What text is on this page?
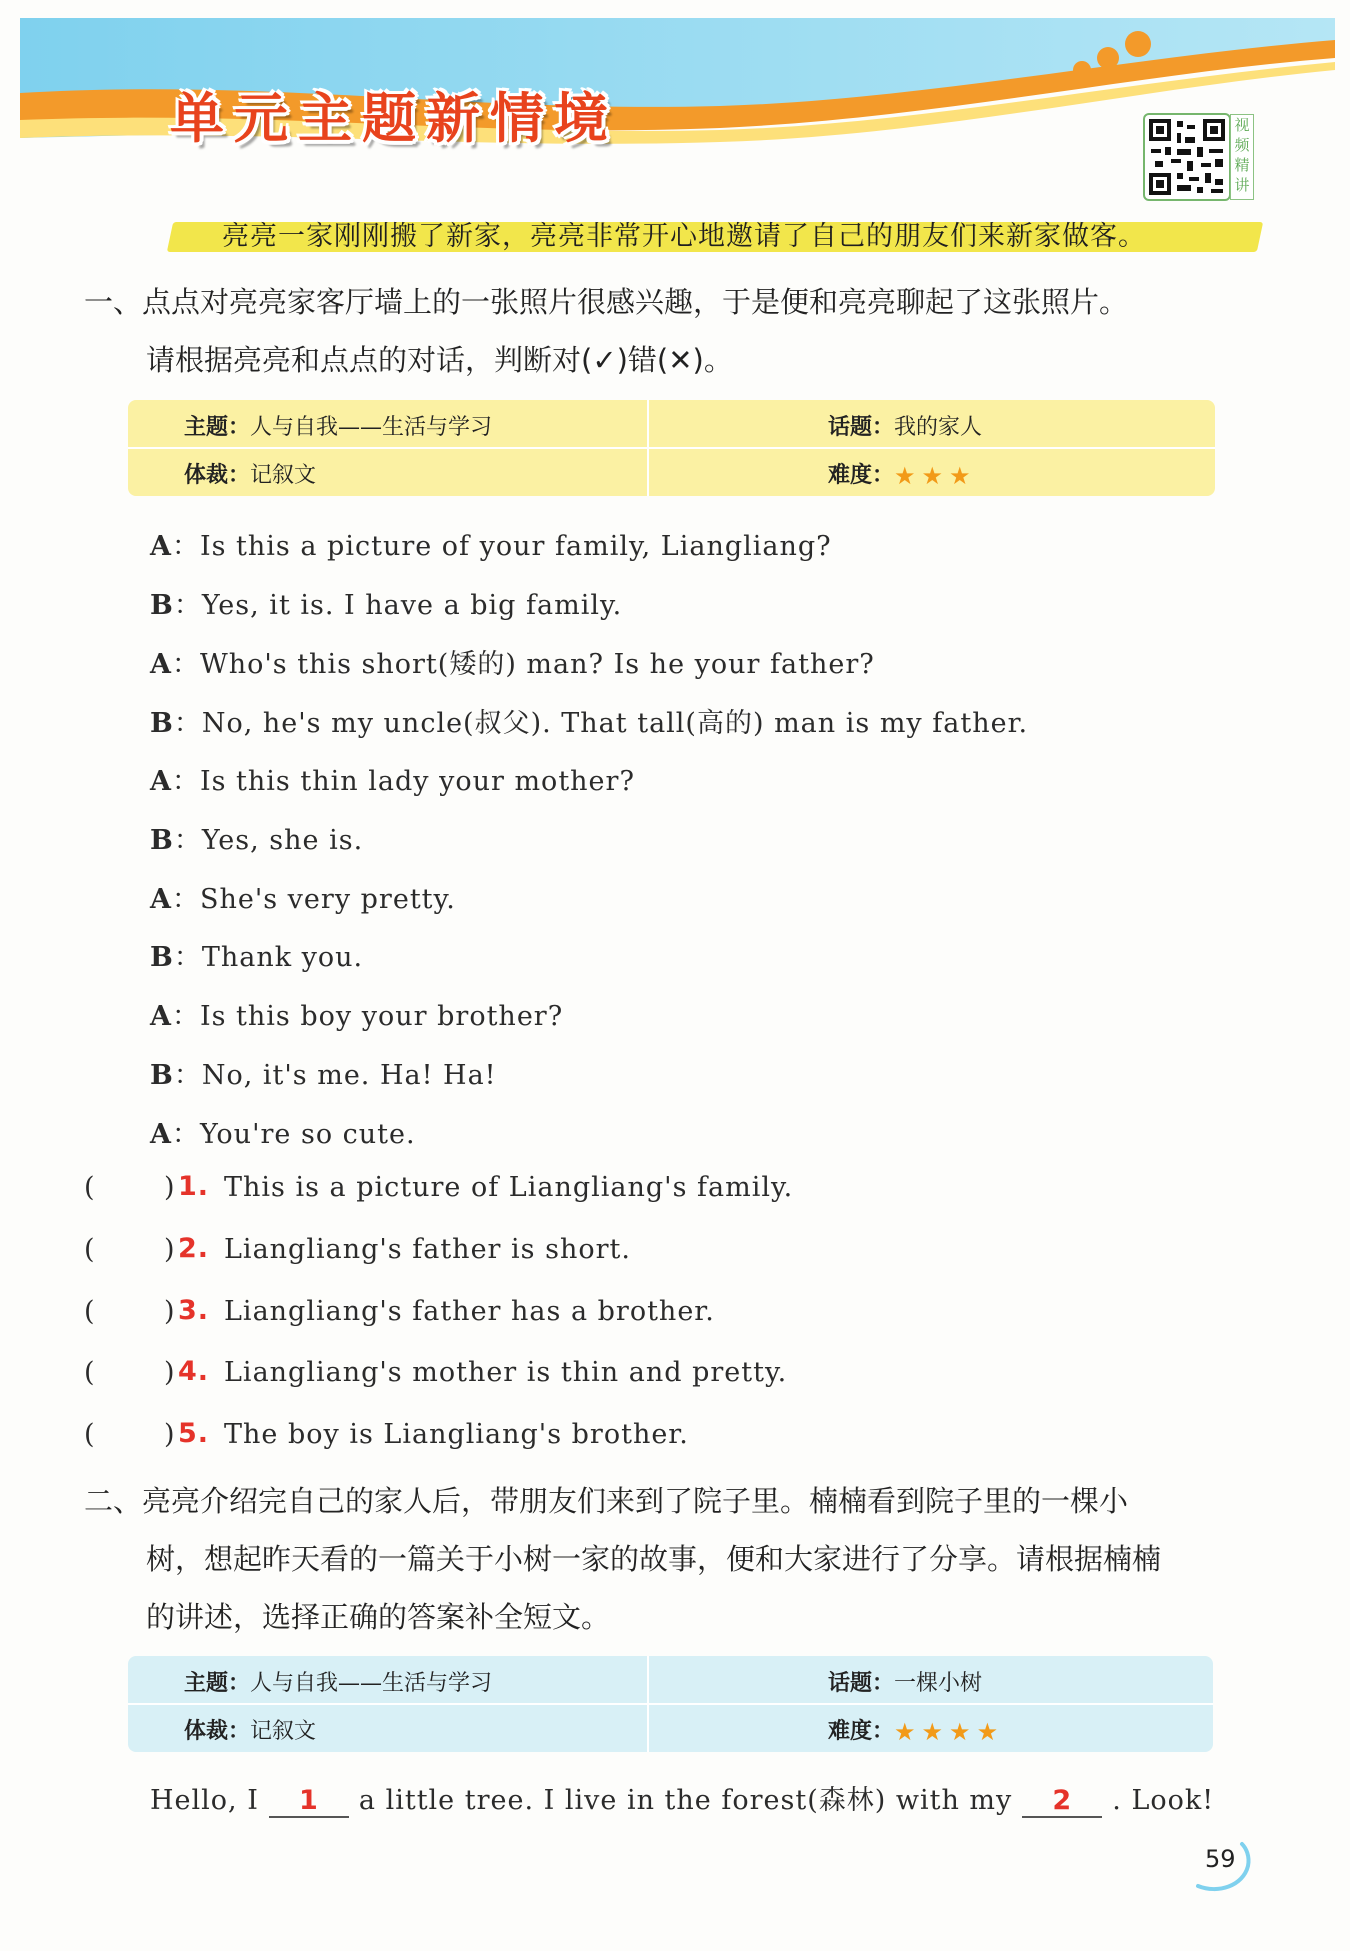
单元主题新情境	视
频
精
讲
亮亮一家刚刚搬了新家，亮亮非常开心地邀请了自己的朋友们来新家做客。
一、点点对亮亮家客厅墙上的一张照片很感兴趣，于是便和亮亮聊起了这张照片。
请根据亮亮和点点的对话，判断对(✓)错(✕)。
主题：人与自我——生活与学习	话题：我的家人
体裁：记叙文	难度：★★★
A：Is this a picture of your family, Liangliang?
B：Yes, it is. I have a big family.
A：Who's this short(矮的) man? Is he your father?
B：No, he's my uncle(叔父). That tall(高的) man is my father.
A：Is this thin lady your mother?
B：Yes, she is.
A：She's very pretty.
B：Thank you.
A：Is this boy your brother?
B：No, it's me. Ha! Ha!
A：You're so cute.
(	) 1. This is a picture of Liangliang's family.
(	) 2. Liangliang's father is short.
(	) 3. Liangliang's father has a brother.
(	) 4. Liangliang's mother is thin and pretty.
(	) 5. The boy is Liangliang's brother.
二、亮亮介绍完自己的家人后，带朋友们来到了院子里。楠楠看到院子里的一棵小
树，想起昨天看的一篇关于小树一家的故事，便和大家进行了分享。请根据楠楠
的讲述，选择正确的答案补全短文。
主题：人与自我——生活与学习	话题：一棵小树
体裁：记叙文	难度：★★★★
Hello, I 1 a little tree. I live in the forest(森林) with my 2 . Look!
59
